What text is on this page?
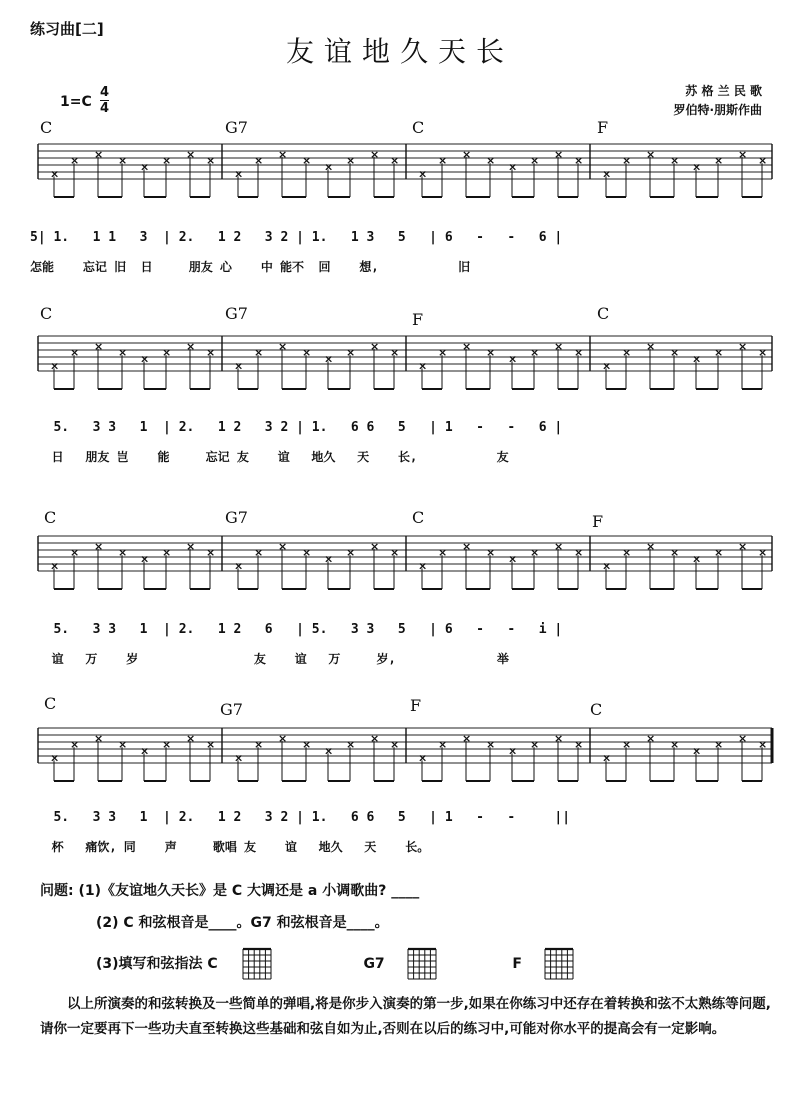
练习曲[二]
友谊地久天长
苏 格 兰 民 歌
罗伯特·朋斯作曲
1=C
4
4
C	G7	C	F
×
× × × × × × ×
×
× × × × × × ×
×
× × × × × × ×
×
× × × × × × ×
5| 1.   1 1   3  | 2.   1 2   3 2 | 1.   1 3   5   | 6   -   -   6 |
怎能    忘记 旧  日     朋友 心    中 能不  回    想,           旧
C	G7	F	C
×
× × × × × × ×
×
× × × × × × ×
×
× × × × × × ×
×
× × × × × × ×
5.   3 3   1  | 2.   1 2   3 2 | 1.   6 6   5   | 1   -   -   6 |
日   朋友 岂    能     忘记 友    谊   地久   天    长,           友
C	G7	C	F
×
× × × × × × ×
×
× × × × × × ×
×
× × × × × × ×
×
× × × × × × ×
5.   3 3   1  | 2.   1 2   6   | 5.   3 3   5   | 6   -   -   i |
谊   万    岁                友    谊   万     岁,              举
C	G7	F	C
×
× × × × × × ×
×
× × × × × × ×
×
× × × × × × ×
×
× × × × × × ×
5.   3 3   1  | 2.   1 2   3 2 | 1.   6 6   5   | 1   -   -     ||
杯   痛饮, 同    声     歌唱 友    谊   地久   天    长。
问题: (1)《友谊地久天长》是 C 大调还是 a 小调歌曲? ____
(2) C 和弦根音是____。G7 和弦根音是____。
(3)填写和弦指法 C	G7	F
以上所演奏的和弦转换及一些简单的弹唱,将是你步入演奏的第一步,如果在你练习中还存在着转换和弦不太熟练等问题,请你一定要再下一些功夫直至转换这些基础和弦自如为止,否则在以后的练习中,可能对你水平的提高会有一定影响。
